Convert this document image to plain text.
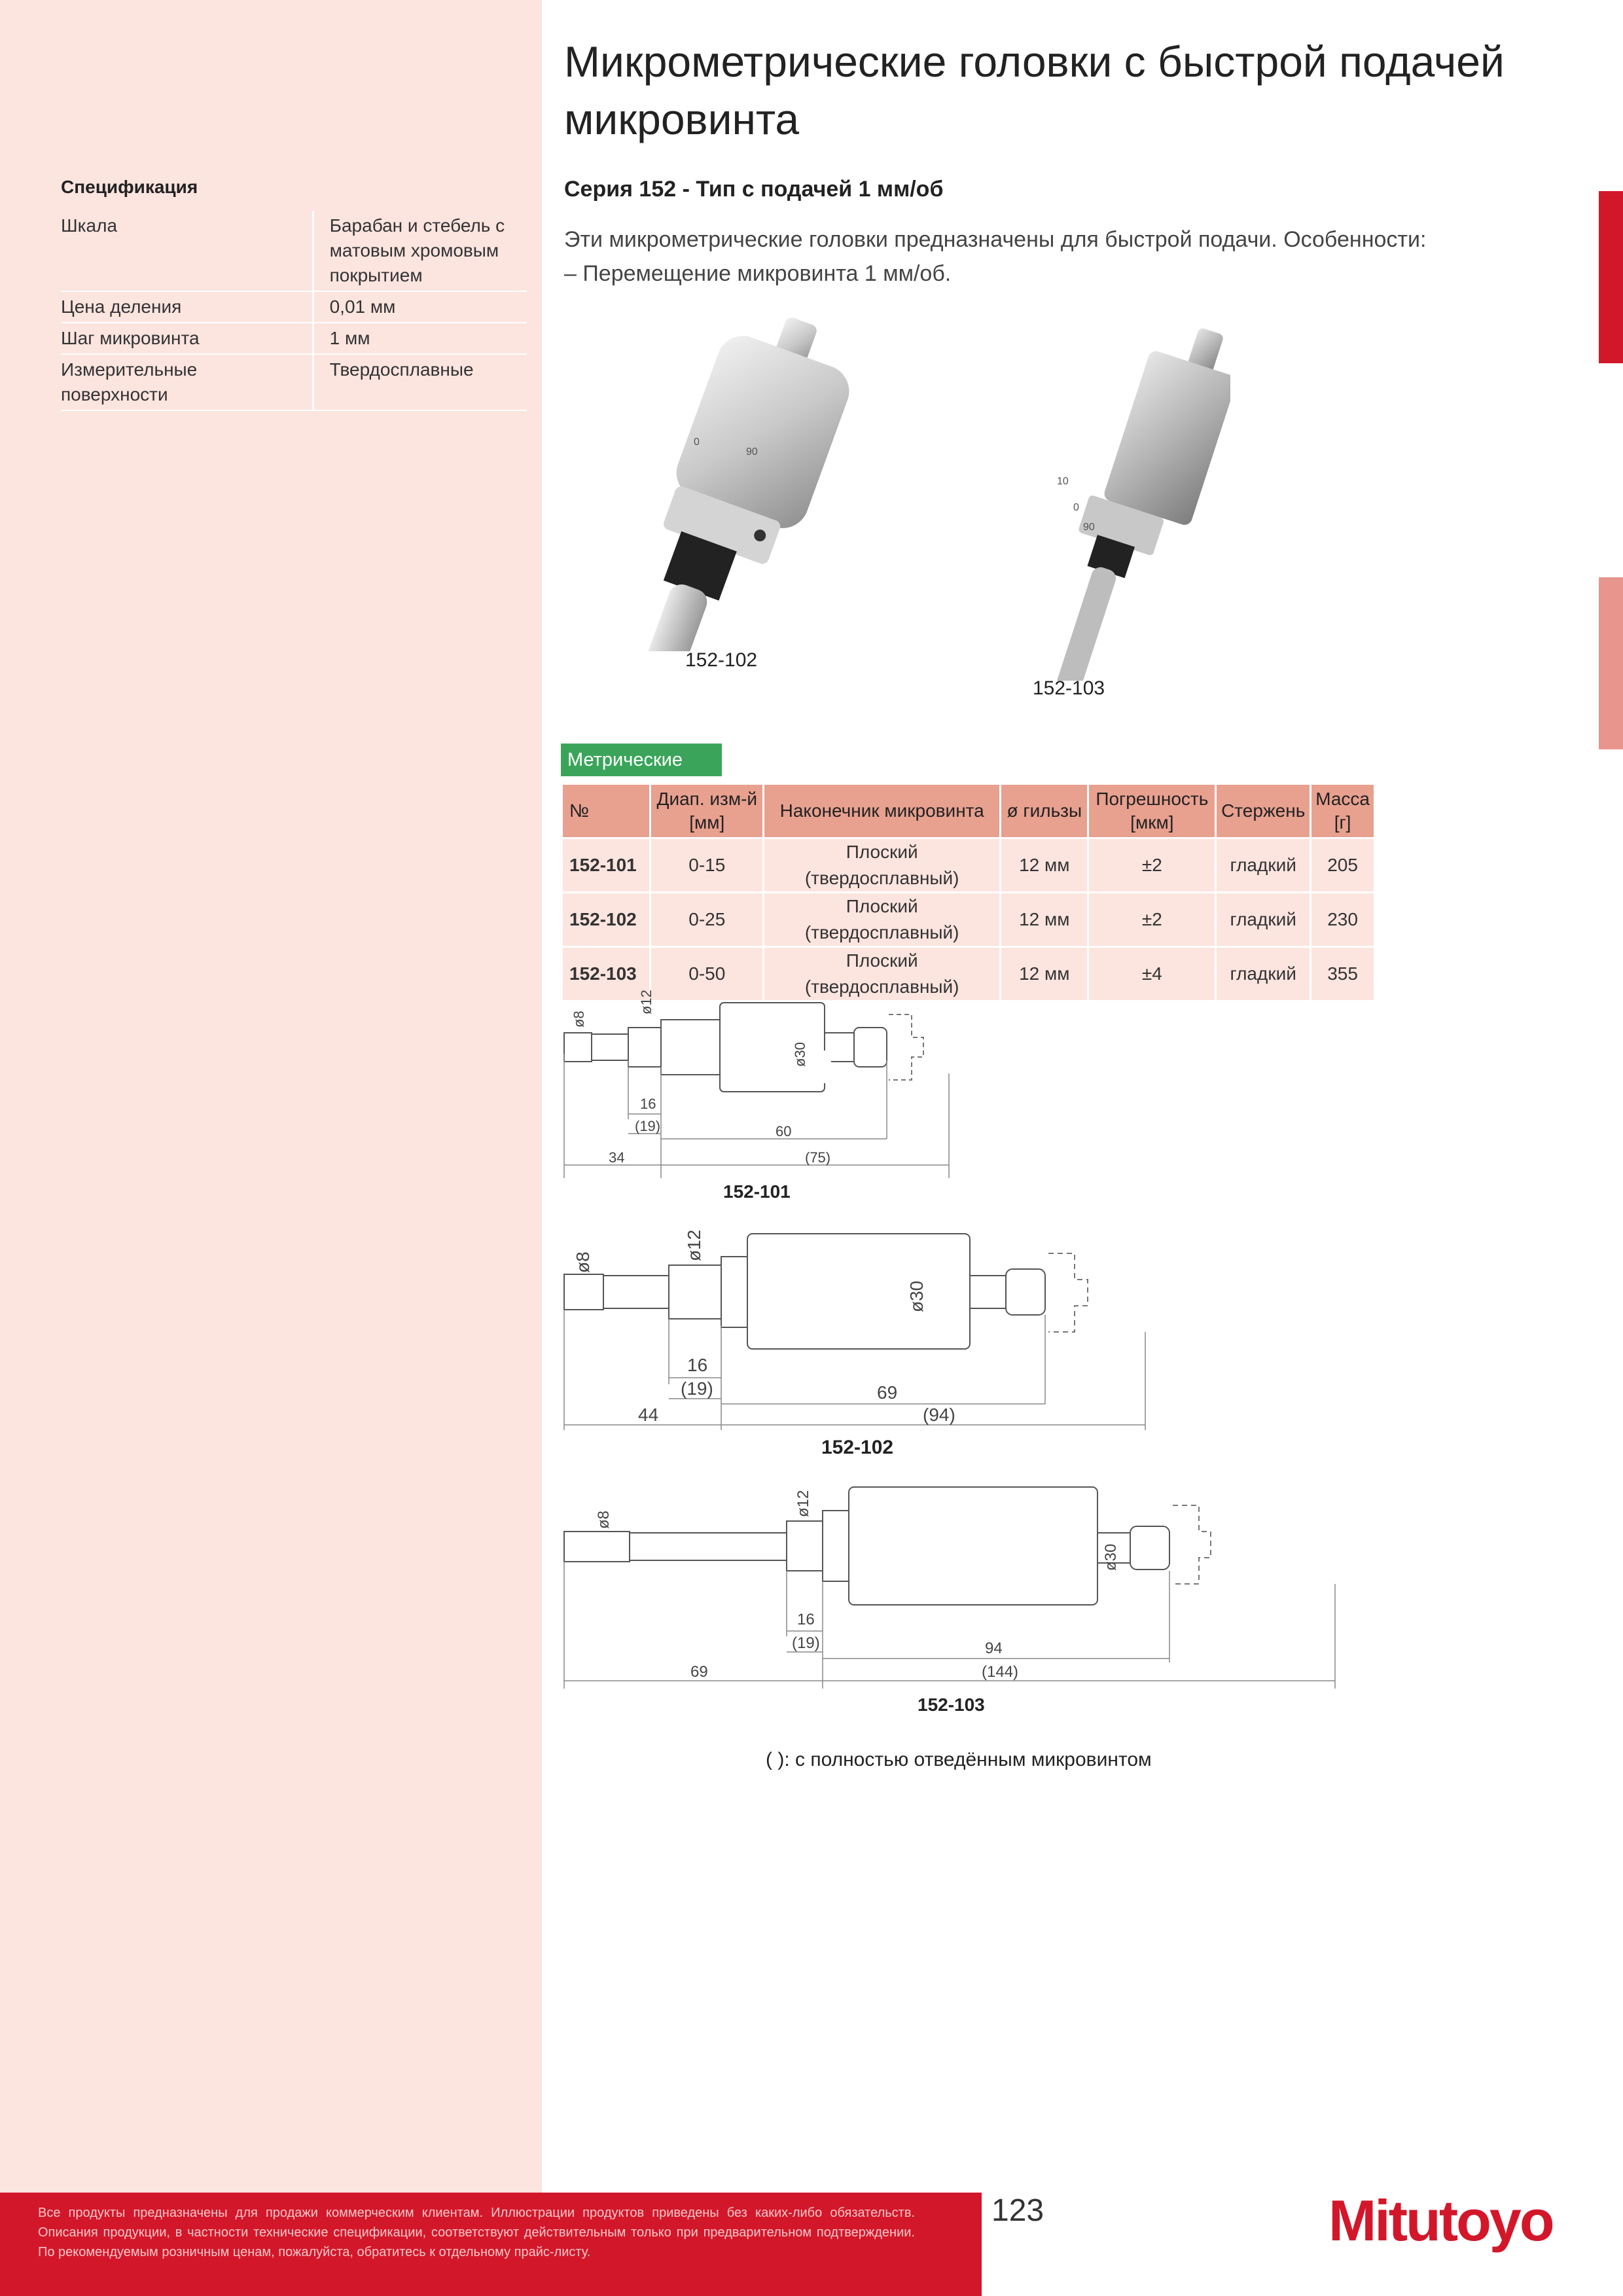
Спецификация
Шкала	Барабан и стебель с матовым хромовым покрытием
Цена деления	0,01 мм
Шаг микровинта	1 мм
Измерительные поверхности	Твердосплавные
Микрометрические головки с быстрой подачей микровинта
Серия 152 - Тип с подачей 1 мм/об
Эти микрометрические головки предназначены для быстрой подачи. Особенности:
– Перемещение микровинта 1 мм/об.
0
90
152-102
10
0
90
152-103
Метрические
№	Диап. изм-й [мм]	Наконечник микровинта	ø гильзы	Погрешность [мкм]	Стержень	Масса [г]
152-101	0-15	Плоский (твердосплавный)	12 мм	±2	гладкий	205
152-102	0-25	Плоский (твердосплавный)	12 мм	±2	гладкий	230
152-103	0-50	Плоский (твердосплавный)	12 мм	±4	гладкий	355
16
(19)	60
34	(75)
ø8
ø12
ø30
152-101
16
(19)	69
44	(94)
ø8
ø12
ø30
152-102
16
(19)	94
69	(144)
ø8
ø12
ø30
152-103
( ): с полностью отведённым микровинтом
Все продукты предназначены для продажи коммерческим клиентам. Иллюстрации продуктов приведены без каких-либо обязательств. Описания продукции, в частности технические спецификации, соответствуют действительным только при предварительном подтверждении. По рекомендуемым розничным ценам, пожалуйста, обратитесь к отдельному прайс-листу.
123	Mitutoyo
